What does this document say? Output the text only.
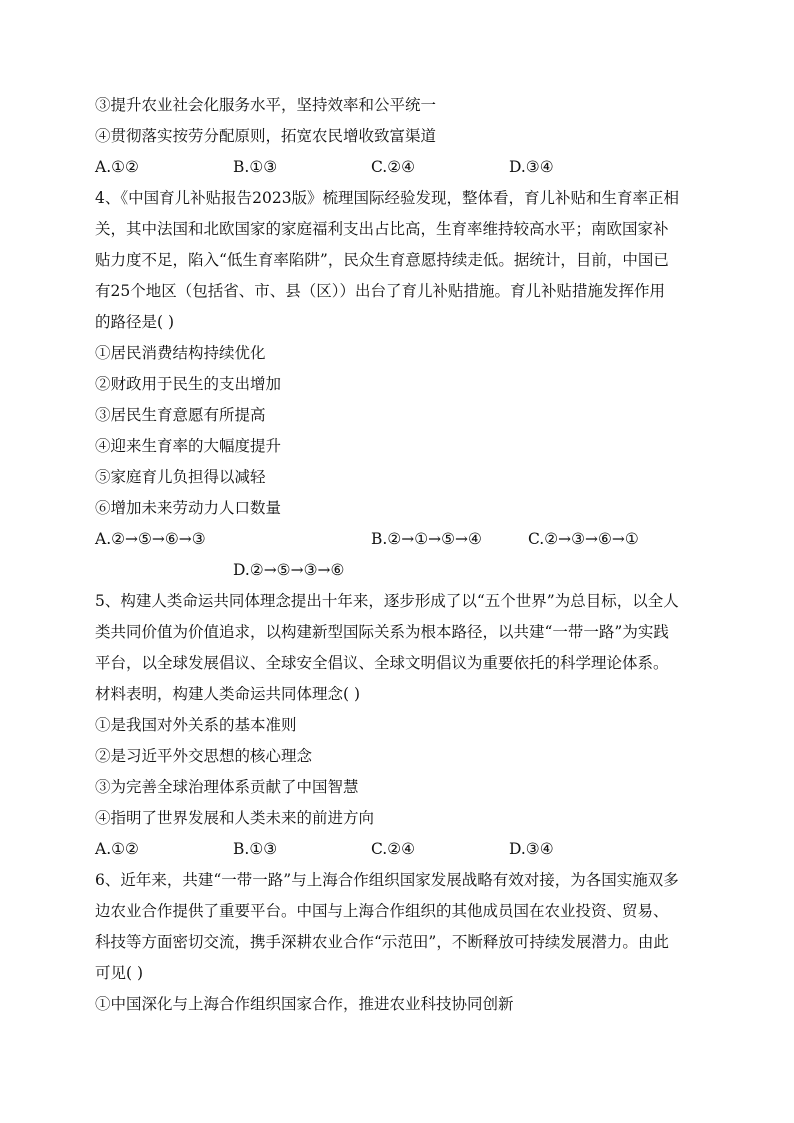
③提升农业社会化服务水平，坚持效率和公平统一
④贯彻落实按劳分配原则，拓宽农民增收致富渠道
A.①②	B.①③	C.②④	D.③④
4、《中国育儿补贴报告2023版》梳理国际经验发现，整体看，育儿补贴和生育率正相
关，其中法国和北欧国家的家庭福利支出占比高，生育率维持较高水平；南欧国家补
贴力度不足，陷入“低生育率陷阱”，民众生育意愿持续走低。据统计，目前，中国已
有25个地区（包括省、市、县（区））出台了育儿补贴措施。育儿补贴措施发挥作用
的路径是( )
①居民消费结构持续优化
②财政用于民生的支出增加
③居民生育意愿有所提高
④迎来生育率的大幅度提升
⑤家庭育儿负担得以减轻
⑥增加未来劳动力人口数量
A.②→⑤→⑥→③	B.②→①→⑤→④	C.②→③→⑥→①
D.②→⑤→③→⑥
5、构建人类命运共同体理念提出十年来，逐步形成了以“五个世界”为总目标，以全人
类共同价值为价值追求，以构建新型国际关系为根本路径，以共建“一带一路”为实践
平台，以全球发展倡议、全球安全倡议、全球文明倡议为重要依托的科学理论体系。
材料表明，构建人类命运共同体理念( )
①是我国对外关系的基本准则
②是习近平外交思想的核心理念
③为完善全球治理体系贡献了中国智慧
④指明了世界发展和人类未来的前进方向
A.①②	B.①③	C.②④	D.③④
6、近年来，共建“一带一路”与上海合作组织国家发展战略有效对接，为各国实施双多
边农业合作提供了重要平台。中国与上海合作组织的其他成员国在农业投资、贸易、
科技等方面密切交流，携手深耕农业合作“示范田”，不断释放可持续发展潜力。由此
可见( )
①中国深化与上海合作组织国家合作，推进农业科技协同创新
